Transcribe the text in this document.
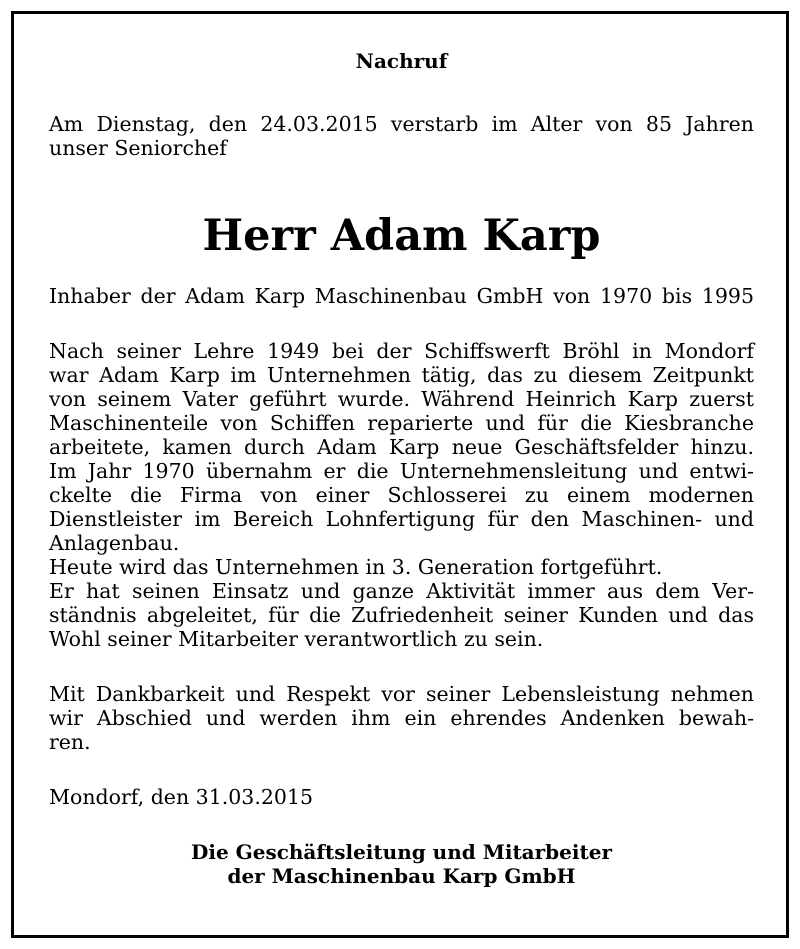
Nachruf
Am Dienstag, den 24.03.2015 verstarb im Alter von 85 Jahren
unser Seniorchef
Herr Adam Karp
Inhaber der Adam Karp Maschinenbau GmbH von 1970 bis 1995
Nach seiner Lehre 1949 bei der Schiffswerft Bröhl in Mondorf
war Adam Karp im Unternehmen tätig, das zu diesem Zeitpunkt
von seinem Vater geführt wurde. Während Heinrich Karp zuerst
Maschinenteile von Schiffen reparierte und für die Kiesbranche
arbeitete, kamen durch Adam Karp neue Geschäftsfelder hinzu.
Im Jahr 1970 übernahm er die Unternehmensleitung und entwi-
ckelte die Firma von einer Schlosserei zu einem modernen
Dienstleister im Bereich Lohnfertigung für den Maschinen- und
Anlagenbau.
Heute wird das Unternehmen in 3. Generation fortgeführt.
Er hat seinen Einsatz und ganze Aktivität immer aus dem Ver-
ständnis abgeleitet, für die Zufriedenheit seiner Kunden und das
Wohl seiner Mitarbeiter verantwortlich zu sein.
Mit Dankbarkeit und Respekt vor seiner Lebensleistung nehmen
wir Abschied und werden ihm ein ehrendes Andenken bewah-
ren.
Mondorf, den 31.03.2015
Die Geschäftsleitung und Mitarbeiter
der Maschinenbau Karp GmbH
